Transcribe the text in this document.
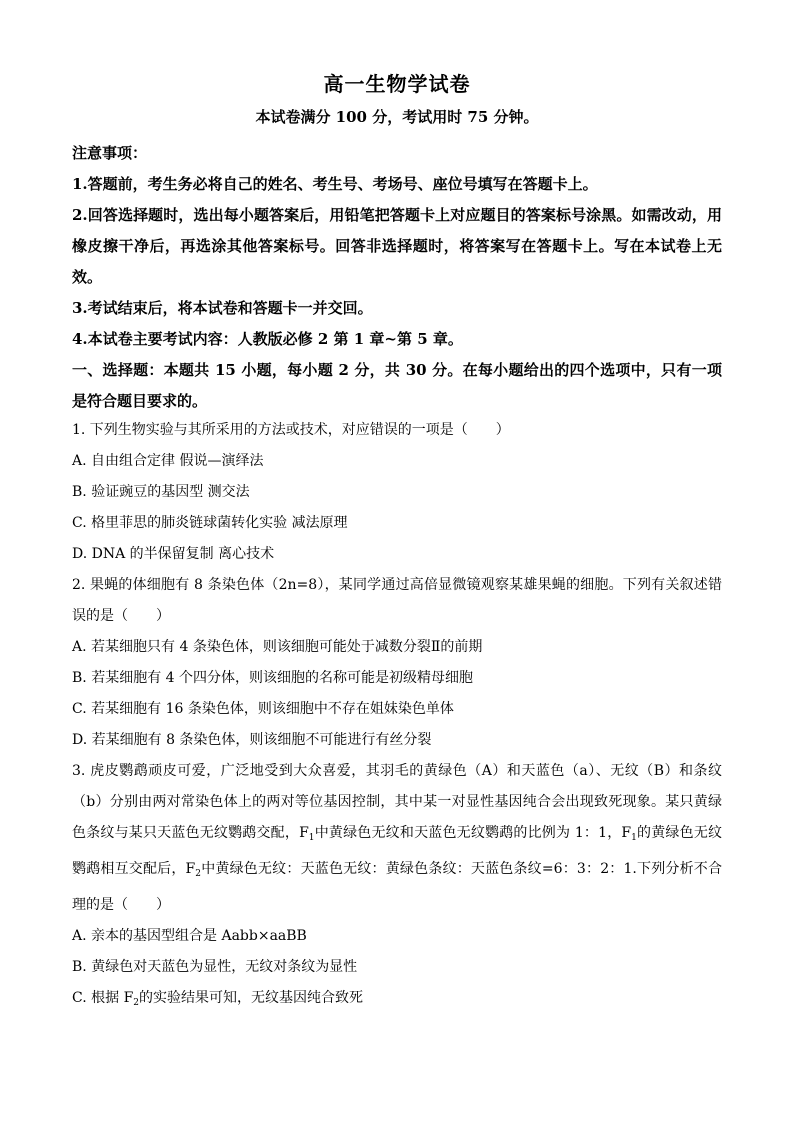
高一生物学试卷
本试卷满分 100 分，考试用时 75 分钟。

注意事项：

1.答题前，考生务必将自己的姓名、考生号、考场号、座位号填写在答题卡上。

2.回答选择题时，选出每小题答案后，用铅笔把答题卡上对应题目的答案标号涂黑。如需改动，用橡皮擦干净后，再选涂其他答案标号。回答非选择题时，将答案写在答题卡上。写在本试卷上无效。

3.考试结束后，将本试卷和答题卡一并交回。

4.本试卷主要考试内容：人教版必修 2 第 1 章~第 5 章。

一、选择题：本题共 15 小题，每小题 2 分，共 30 分。在每小题给出的四个选项中，只有一项是符合题目要求的。

1. 下列生物实验与其所采用的方法或技术，对应错误的一项是（　　）

A. 自由组合定律 假说—演绎法

B. 验证豌豆的基因型 测交法

C. 格里菲思的肺炎链球菌转化实验 减法原理

D. DNA 的半保留复制 离心技术

2. 果蝇的体细胞有 8 条染色体（2n=8），某同学通过高倍显微镜观察某雄果蝇的细胞。下列有关叙述错误的是（　　）

A. 若某细胞只有 4 条染色体，则该细胞可能处于减数分裂Ⅱ的前期

B. 若某细胞有 4 个四分体，则该细胞的名称可能是初级精母细胞

C. 若某细胞有 16 条染色体，则该细胞中不存在姐妹染色单体

D. 若某细胞有 8 条染色体，则该细胞不可能进行有丝分裂

3. 虎皮鹦鹉顽皮可爱，广泛地受到大众喜爱，其羽毛的黄绿色（A）和天蓝色（a）、无纹（B）和条纹（b）分别由两对常染色体上的两对等位基因控制，其中某一对显性基因纯合会出现致死现象。某只黄绿色条纹与某只天蓝色无纹鹦鹉交配，$F_1$中黄绿色无纹和天蓝色无纹鹦鹉的比例为 1：1，$F_1$的黄绿色无纹鹦鹉相互交配后，$F_2$中黄绿色无纹：天蓝色无纹：黄绿色条纹：天蓝色条纹=6：3：2：1.下列分析不合理的是（　　）

A. 亲本的基因型组合是 Aabb×aaBB

B. 黄绿色对天蓝色为显性，无纹对条纹为显性

C. 根据 $F_2$的实验结果可知，无纹基因纯合致死
